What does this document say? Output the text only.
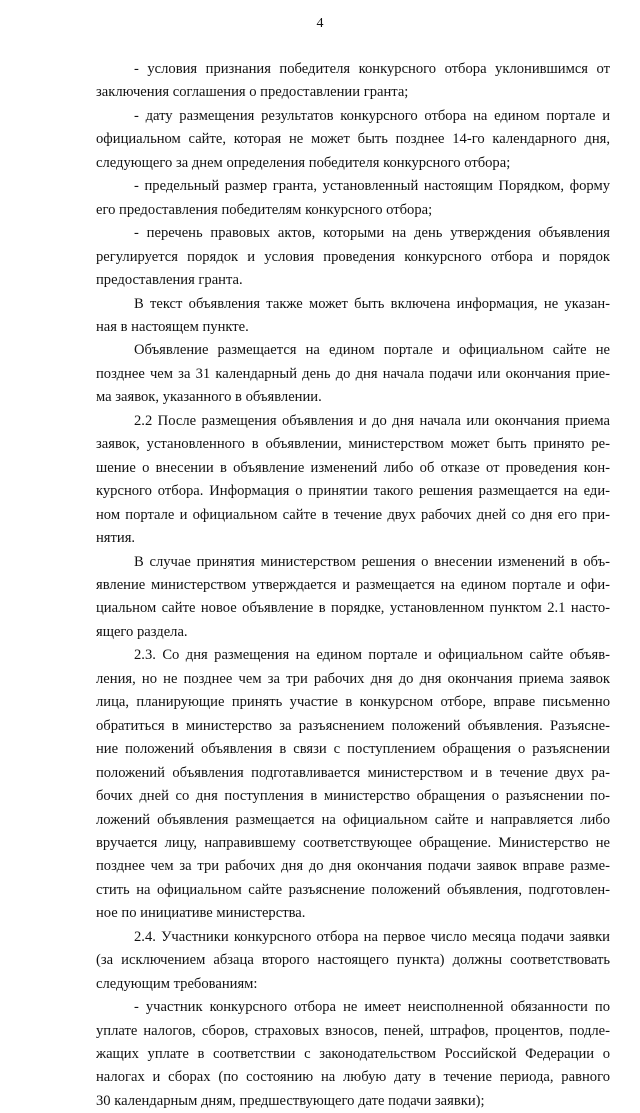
4
- условия признания победителя конкурсного отбора уклонившимся от
заключения соглашения о предоставлении гранта;
- дату размещения результатов конкурсного отбора на едином портале и
официальном сайте, которая не может быть позднее 14-го календарного дня,
следующего за днем определения победителя конкурсного отбора;
- предельный размер гранта, установленный настоящим Порядком, форму
его предоставления победителям конкурсного отбора;
- перечень правовых актов, которыми на день утверждения объявления
регулируется порядок и условия проведения конкурсного отбора и порядок
предоставления гранта.
В текст объявления также может быть включена информация, не указан-
ная в настоящем пункте.
Объявление размещается на едином портале и официальном сайте не
позднее чем за 31 календарный день до дня начала подачи или окончания прие-
ма заявок, указанного в объявлении.
2.2 После размещения объявления и до дня начала или окончания приема
заявок, установленного в объявлении, министерством может быть принято ре-
шение о внесении в объявление изменений либо об отказе от проведения кон-
курсного отбора. Информация о принятии такого решения размещается на еди-
ном портале и официальном сайте в течение двух рабочих дней со дня его при-
нятия.
В случае принятия министерством решения о внесении изменений в объ-
явление министерством утверждается и размещается на едином портале и офи-
циальном сайте новое объявление в порядке, установленном пунктом 2.1 насто-
ящего раздела.
2.3. Со дня размещения на едином портале и официальном сайте объяв-
ления, но не позднее чем за три рабочих дня до дня окончания приема заявок
лица, планирующие принять участие в конкурсном отборе, вправе письменно
обратиться в министерство за разъяснением положений объявления. Разъясне-
ние положений объявления в связи с поступлением обращения о разъяснении
положений объявления подготавливается министерством и в течение двух ра-
бочих дней со дня поступления в министерство обращения о разъяснении по-
ложений объявления размещается на официальном сайте и направляется либо
вручается лицу, направившему соответствующее обращение. Министерство не
позднее чем за три рабочих дня до дня окончания подачи заявок вправе разме-
стить на официальном сайте разъяснение положений объявления, подготовлен-
ное по инициативе министерства.
2.4. Участники конкурсного отбора на первое число месяца подачи заявки
(за исключением абзаца второго настоящего пункта) должны соответствовать
следующим требованиям:
- участник конкурсного отбора не имеет неисполненной обязанности по
уплате налогов, сборов, страховых взносов, пеней, штрафов, процентов, подле-
жащих уплате в соответствии с законодательством Российской Федерации о
налогах и сборах (по состоянию на любую дату в течение периода, равного
30 календарным дням, предшествующего дате подачи заявки);
